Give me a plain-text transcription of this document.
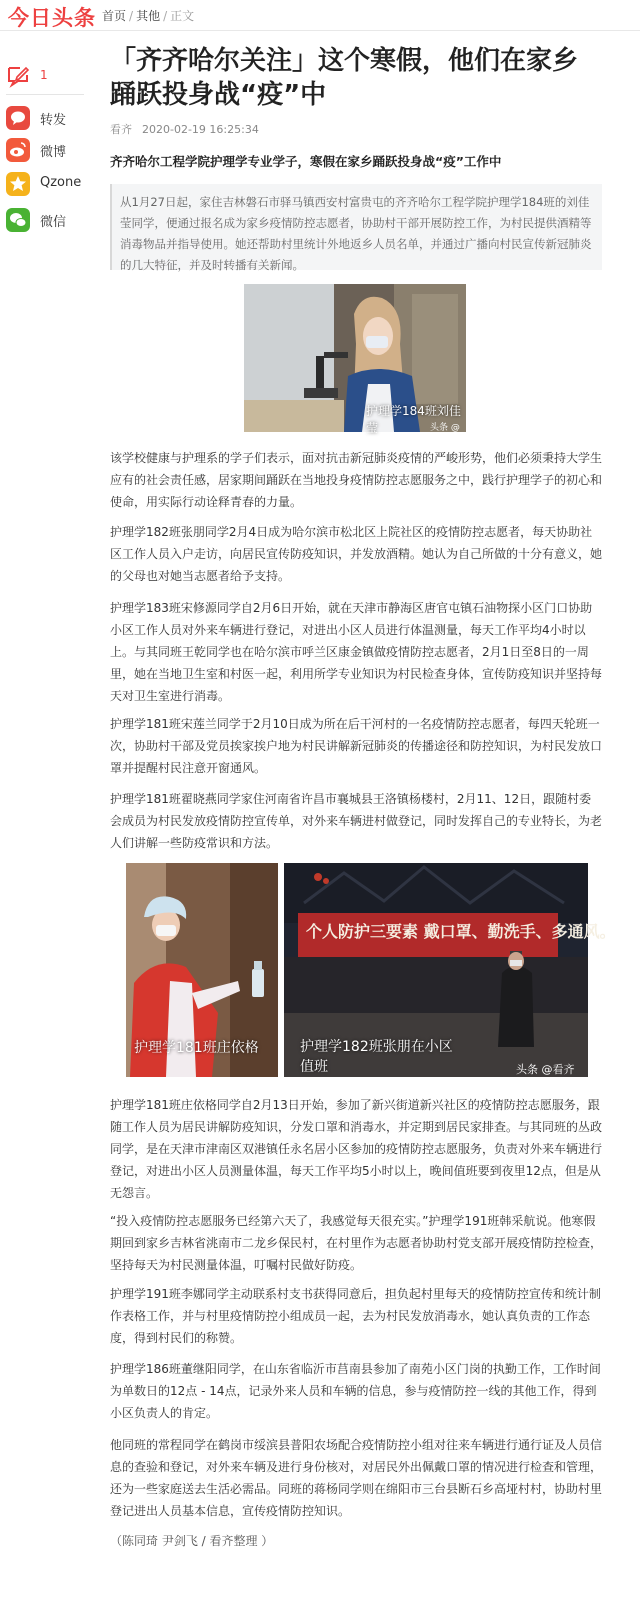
今日头条 首页 / 其他 / 正文
1
转发
微博
Qzone
微信
「齐齐哈尔关注」这个寒假，他们在家乡踊跃投身战“疫”中
看齐 2020-02-19 16:25:34
齐齐哈尔工程学院护理学专业学子，寒假在家乡踊跃投身战“疫”工作中
从1月27日起，家住吉林磐石市驿马镇西安村富贵屯的齐齐哈尔工程学院护理学184班的刘佳莹同学，便通过报名成为家乡疫情防控志愿者，协助村干部开展防控工作，为村民提供酒精等消毒物品并指导使用。她还帮助村里统计外地返乡人员名单，并通过广播向村民宣传新冠肺炎的几大特征，并及时转播有关新闻。
护理学184班刘佳莹	头条 @看齐
该学校健康与护理系的学子们表示，面对抗击新冠肺炎疫情的严峻形势，他们必须秉持大学生应有的社会责任感，居家期间踊跃在当地投身疫情防控志愿服务之中，践行护理学子的初心和使命，用实际行动诠释青春的力量。
护理学182班张朋同学2月4日成为哈尔滨市松北区上院社区的疫情防控志愿者，每天协助社区工作人员入户走访，向居民宣传防疫知识，并发放酒精。她认为自己所做的十分有意义，她的父母也对她当志愿者给予支持。
护理学183班宋修源同学自2月6日开始，就在天津市静海区唐官屯镇石油物探小区门口协助小区工作人员对外来车辆进行登记，对进出小区人员进行体温测量，每天工作平均4小时以上。与其同班王乾同学也在哈尔滨市呼兰区康金镇做疫情防控志愿者，2月1日至8日的一周里，她在当地卫生室和村医一起，利用所学专业知识为村民检查身体，宣传防疫知识并坚持每天对卫生室进行消毒。
护理学181班宋莲兰同学于2月10日成为所在后干河村的一名疫情防控志愿者，每四天轮班一次，协助村干部及党员挨家挨户地为村民讲解新冠肺炎的传播途径和防控知识，为村民发放口罩并提醒村民注意开窗通风。
护理学181班翟晓燕同学家住河南省许昌市襄城县王洛镇杨楼村，2月11、12日，跟随村委会成员为村民发放疫情防控宣传单，对外来车辆进村做登记，同时发挥自己的专业特长，为老人们讲解一些防疫常识和方法。
护理学181班庄依格
个人防护三要素 戴口罩、勤洗手、多通风。
护理学182班张朋在小区值班	头条 @看齐
护理学181班庄依格同学自2月13日开始，参加了新兴街道新兴社区的疫情防控志愿服务，跟随工作人员为居民讲解防疫知识，分发口罩和消毒水，并定期到居民家排查。与其同班的丛政同学，是在天津市津南区双港镇任永名居小区参加的疫情防控志愿服务，负责对外来车辆进行登记，对进出小区人员测量体温，每天工作平均5小时以上，晚间值班要到夜里12点，但是从无怨言。
“投入疫情防控志愿服务已经第六天了，我感觉每天很充实。”护理学191班韩采航说。他寒假期回到家乡吉林省洮南市二龙乡保民村，在村里作为志愿者协助村党支部开展疫情防控检查，坚持每天为村民测量体温，叮嘱村民做好防疫。
护理学191班李娜同学主动联系村支书获得同意后，担负起村里每天的疫情防控宣传和统计制作表格工作，并与村里疫情防控小组成员一起，去为村民发放消毒水，她认真负责的工作态度，得到村民们的称赞。
护理学186班董继阳同学，在山东省临沂市莒南县参加了南苑小区门岗的执勤工作，工作时间为单数日的12点 - 14点，记录外来人员和车辆的信息，参与疫情防控一线的其他工作，得到小区负责人的肯定。
他同班的常程同学在鹤岗市绥滨县普阳农场配合疫情防控小组对往来车辆进行通行证及人员信息的查验和登记，对外来车辆及进行身份核对，对居民外出佩戴口罩的情况进行检查和管理，还为一些家庭送去生活必需品。同班的蒋杨同学则在绵阳市三台县断石乡高垭村村，协助村里登记进出人员基本信息，宣传疫情防控知识。
（陈同琦 尹剑飞 / 看齐整理 ）
